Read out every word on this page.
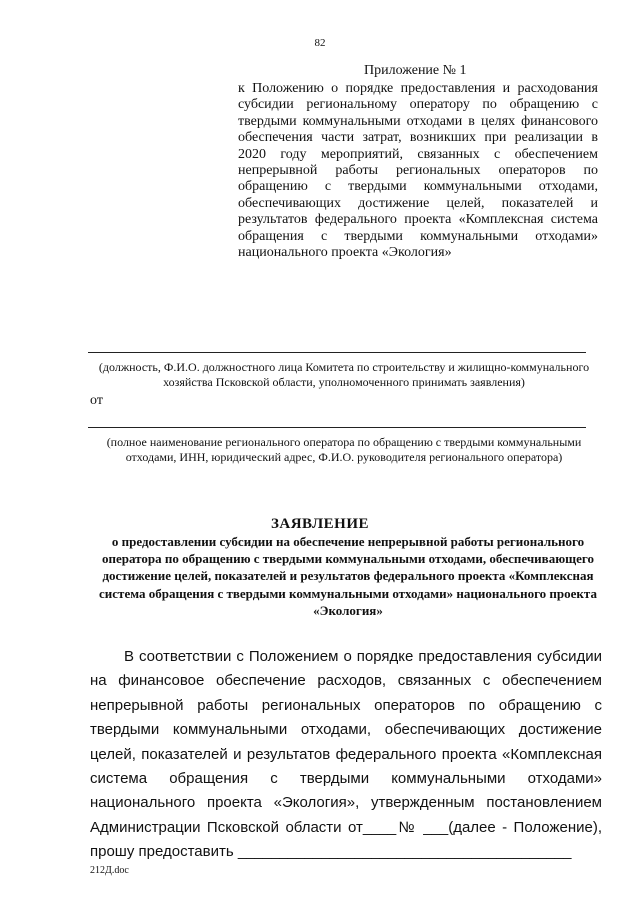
82
Приложение № 1
к Положению о порядке предоставления и расходования субсидии региональному оператору по обращению с твердыми коммунальными отходами в целях финансового обеспечения части затрат, возникших при реализации в 2020 году мероприятий, связанных с обеспечением непрерывной работы региональных операторов по обращению с твердыми коммунальными отходами, обеспечивающих достижение целей, показателей и результатов федерального проекта «Комплексная система обращения с твердыми коммунальными отходами» национального проекта «Экология»
(должность, Ф.И.О. должностного лица Комитета по строительству и жилищно-коммунального хозяйства Псковской области, уполномоченного принимать заявления)
от
(полное наименование регионального оператора по обращению с твердыми коммунальными отходами, ИНН, юридический адрес, Ф.И.О. руководителя регионального оператора)
ЗАЯВЛЕНИЕ
о предоставлении субсидии на обеспечение непрерывной работы регионального оператора по обращению с твердыми коммунальными отходами, обеспечивающего достижение целей, показателей и результатов федерального проекта «Комплексная система обращения с твердыми коммунальными отходами» национального проекта «Экология»
В соответствии с Положением о порядке предоставления субсидии на финансовое обеспечение расходов, связанных с обеспечением непрерывной работы региональных операторов по обращению с твердыми коммунальными отходами, обеспечивающих достижение целей, показателей и результатов федерального проекта «Комплексная система обращения с твердыми коммунальными отходами» национального проекта «Экология», утвержденным постановлением Администрации Псковской области от____№ ___(далее - Положение), прошу предоставить ________________________________________
212Д.doc
